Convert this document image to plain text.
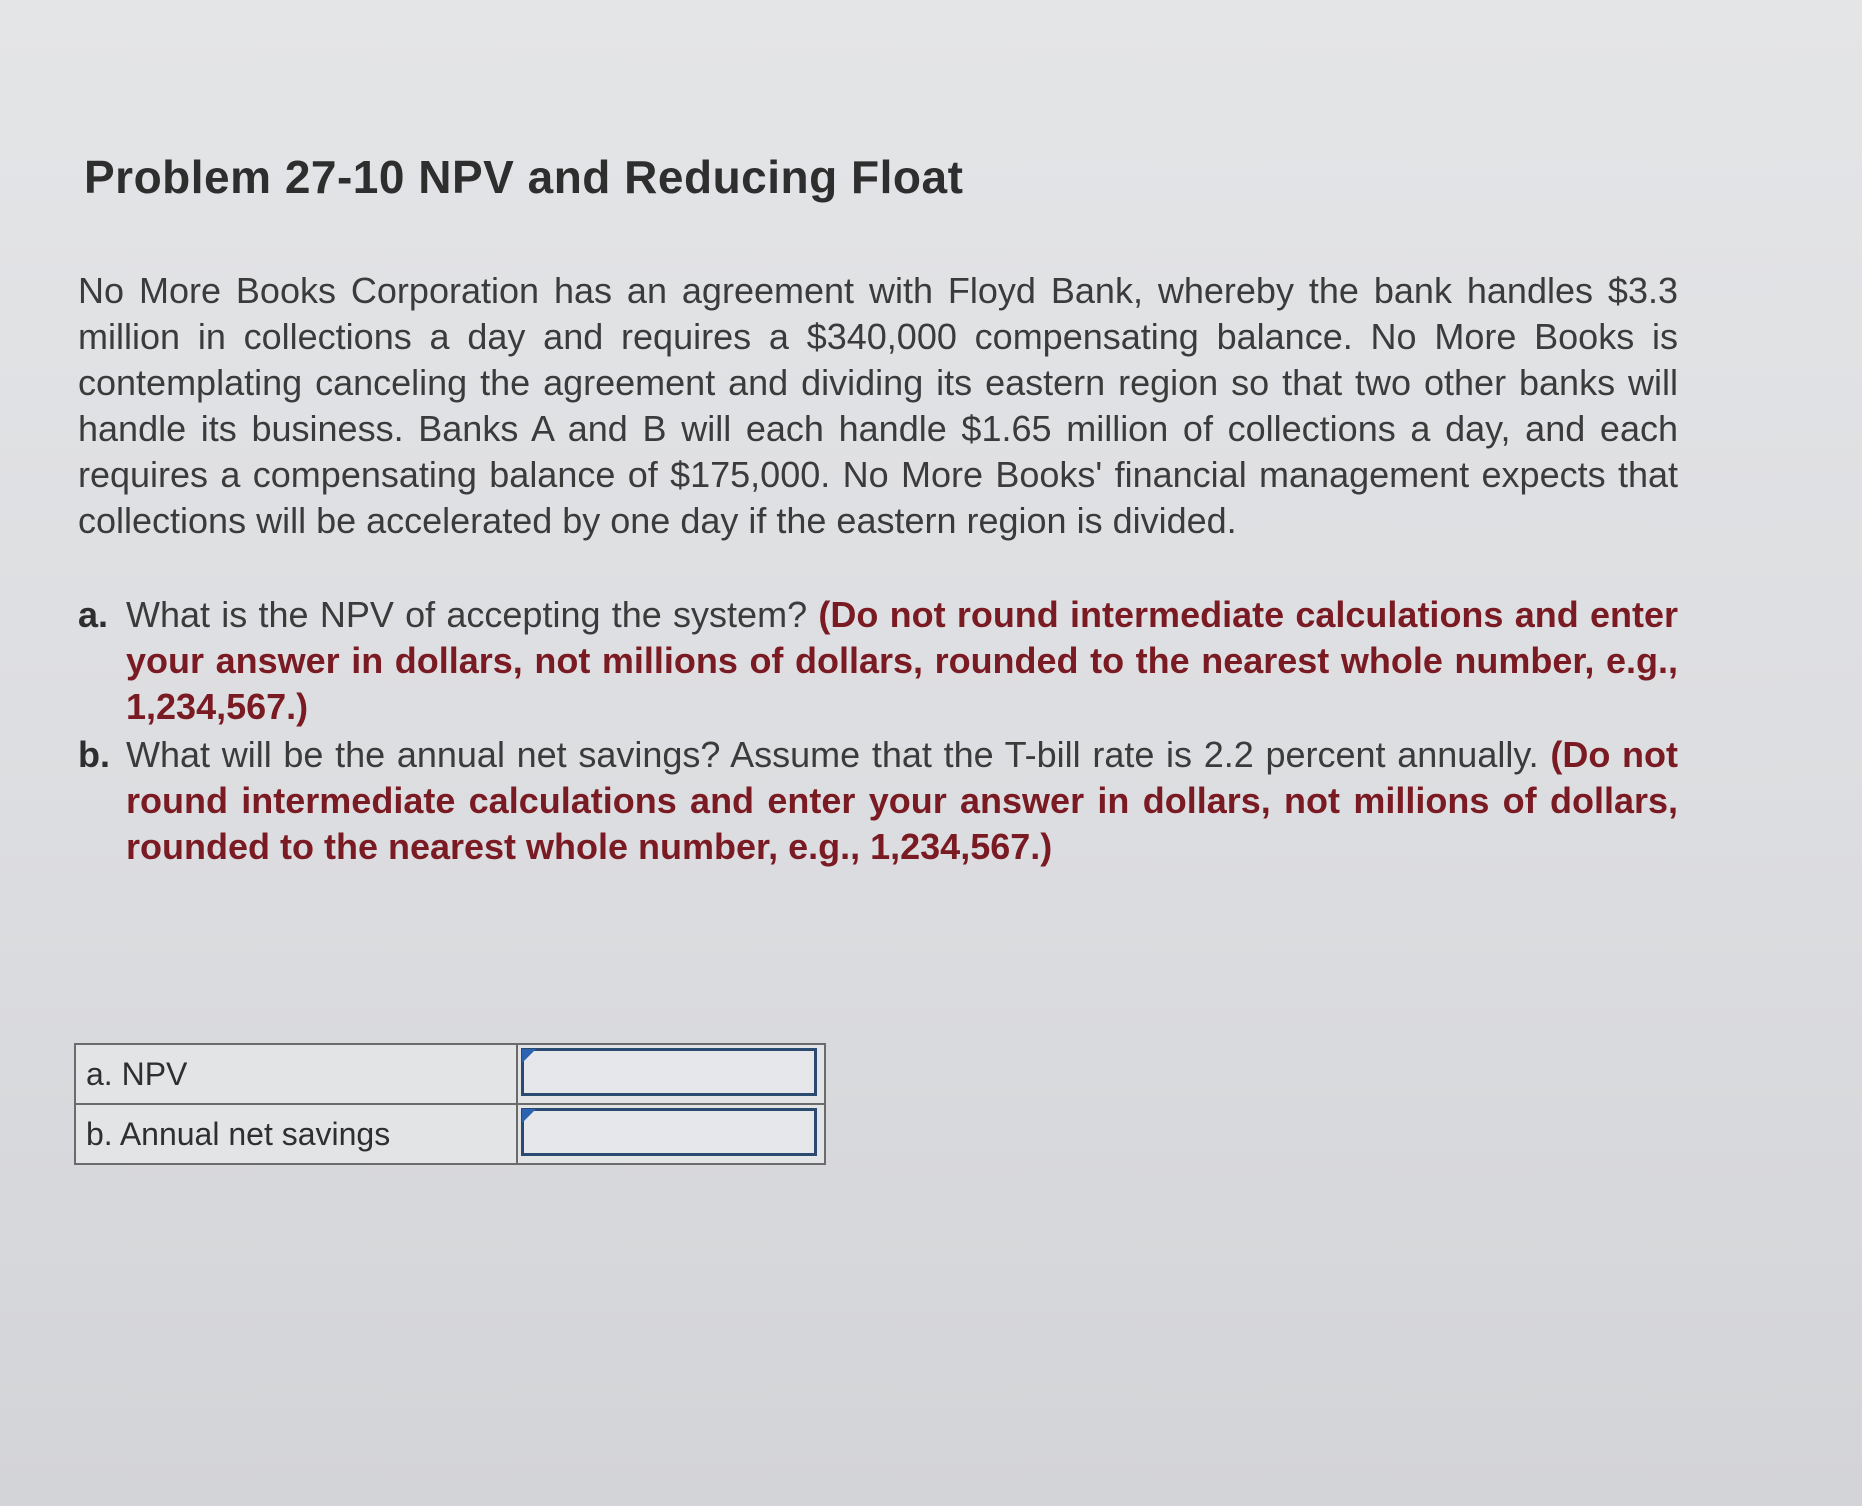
Problem 27-10 NPV and Reducing Float

No More Books Corporation has an agreement with Floyd Bank, whereby the bank handles $3.3 million in collections a day and requires a $340,000 compensating balance. No More Books is contemplating canceling the agreement and dividing its eastern region so that two other banks will handle its business. Banks A and B will each handle $1.65 million of collections a day, and each requires a compensating balance of $175,000. No More Books' financial management expects that collections will be accelerated by one day if the eastern region is divided.

a. What is the NPV of accepting the system? (Do not round intermediate calculations and enter your answer in dollars, not millions of dollars, rounded to the nearest whole number, e.g., 1,234,567.)
b. What will be the annual net savings? Assume that the T-bill rate is 2.2 percent annually. (Do not round intermediate calculations and enter your answer in dollars, not millions of dollars, rounded to the nearest whole number, e.g., 1,234,567.)
a. NPV	

b. Annual net savings	
